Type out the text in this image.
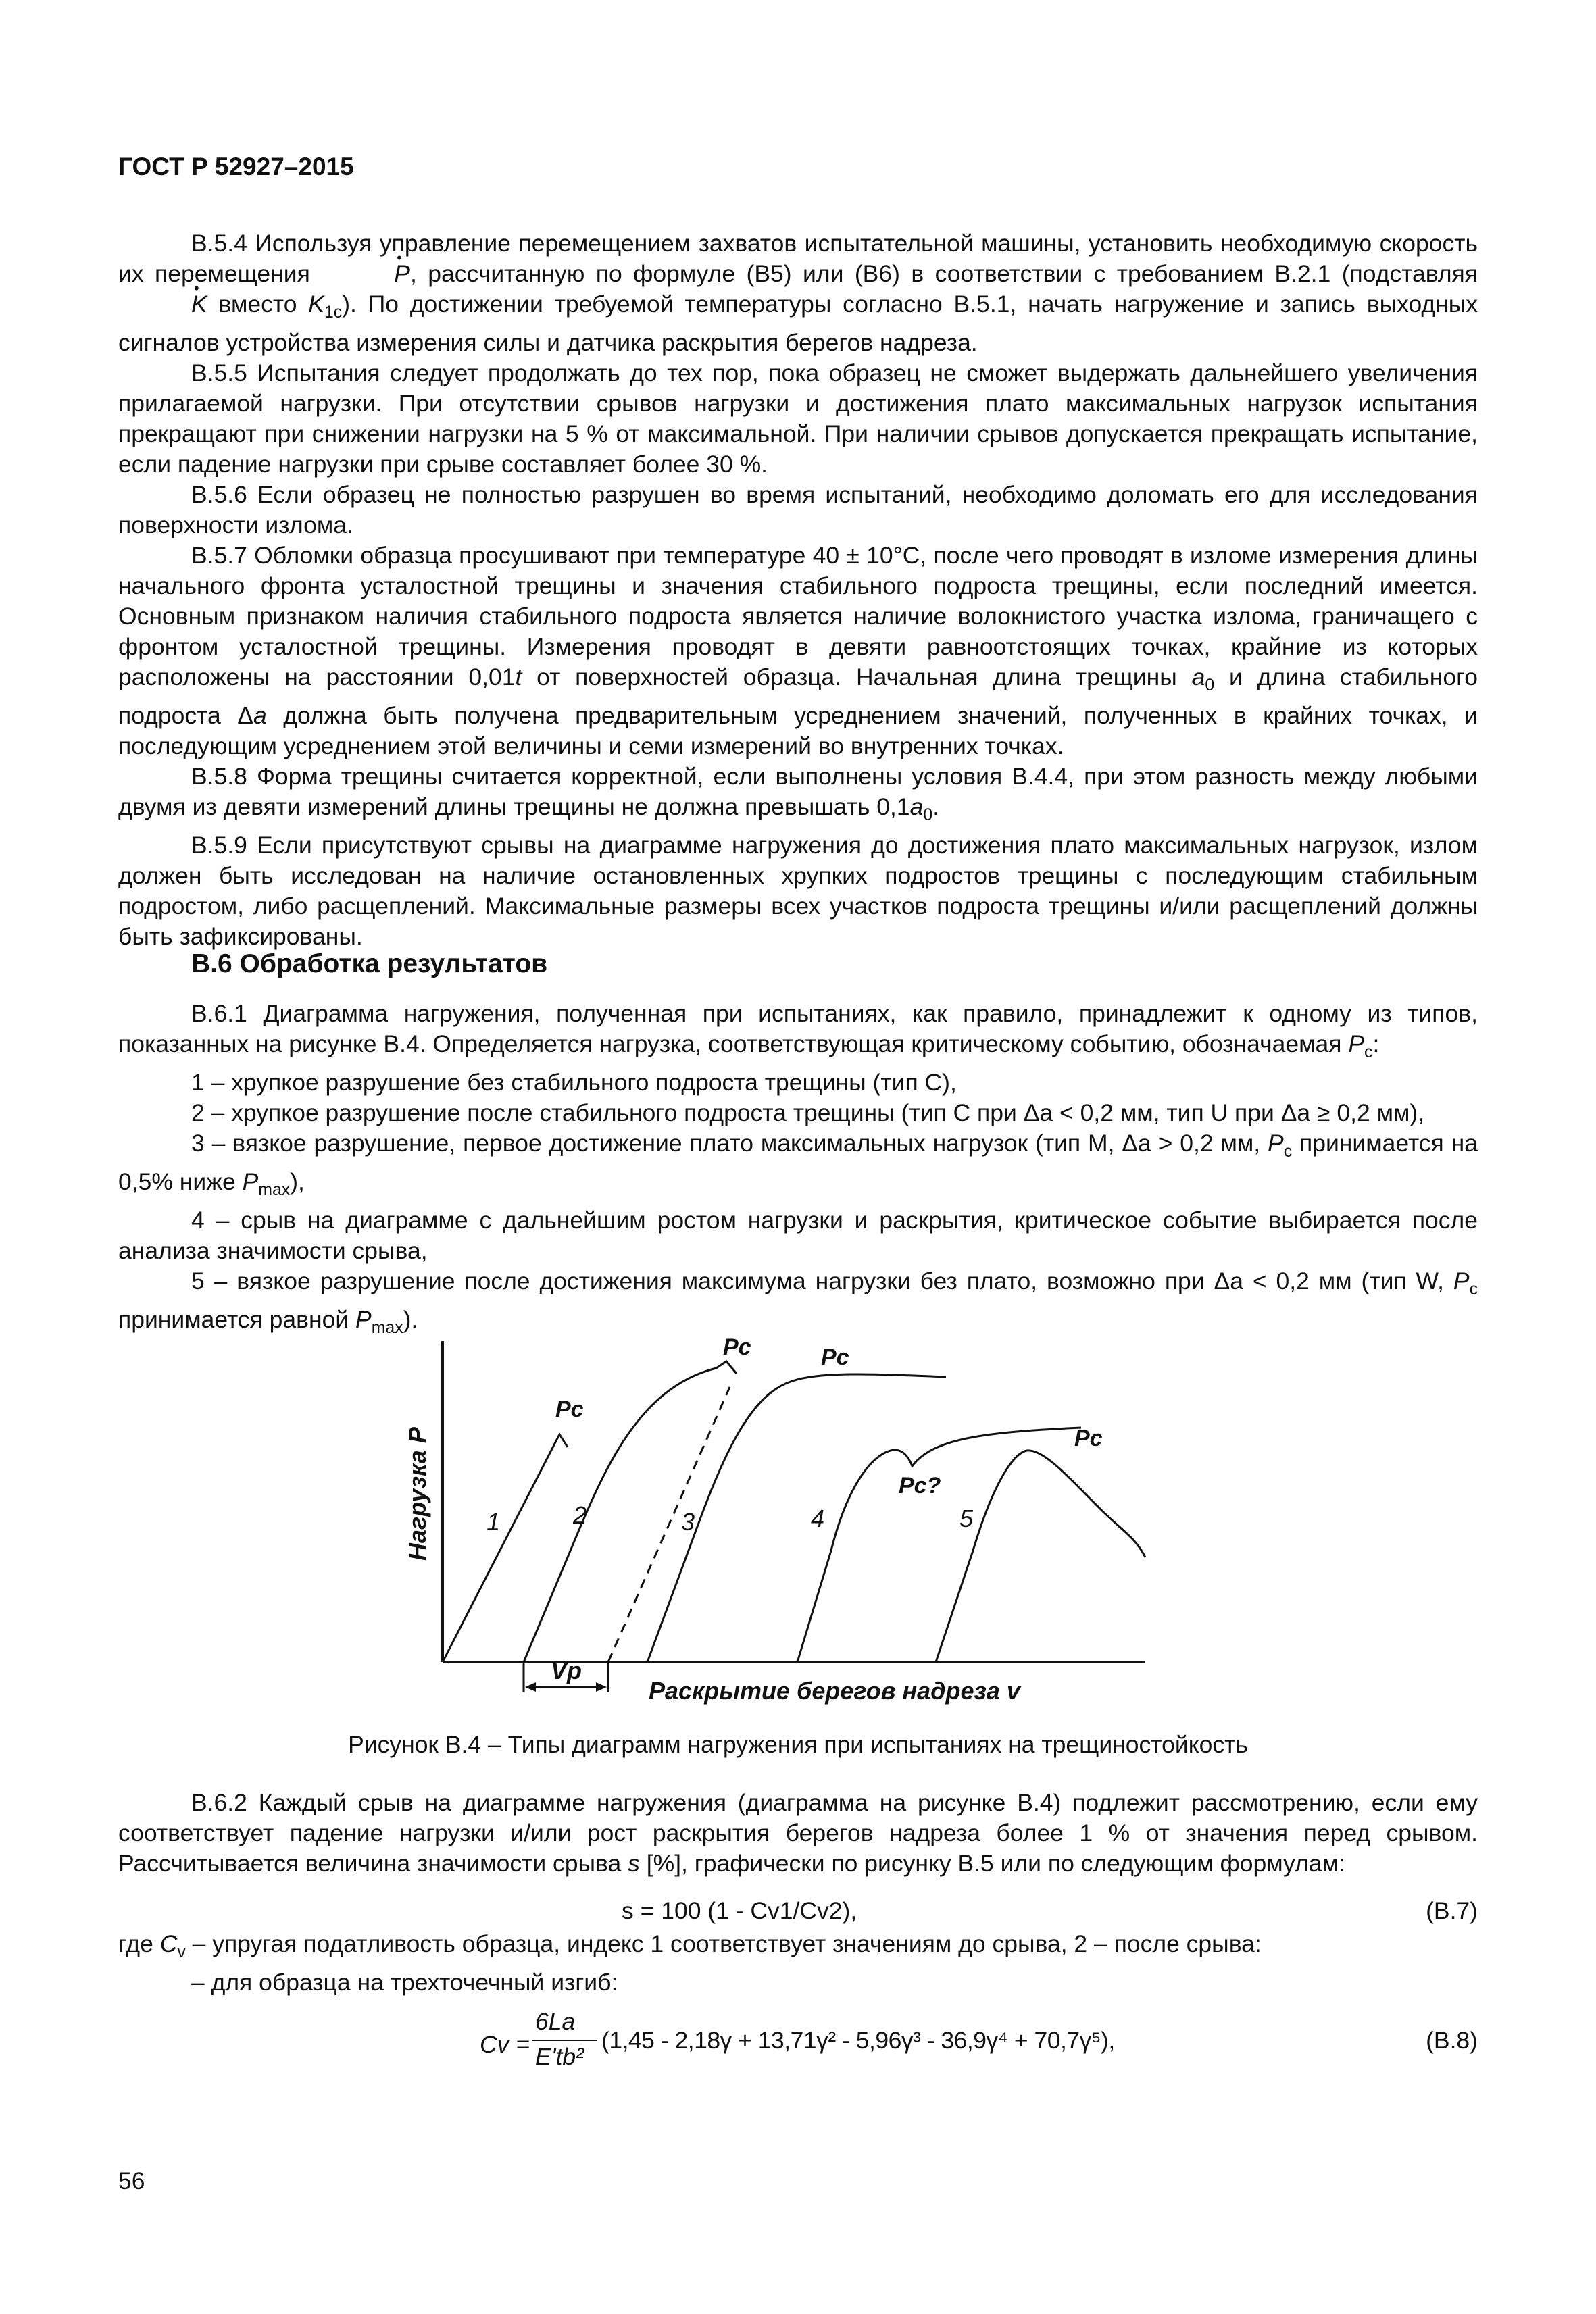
ГОСТ Р 52927–2015

В.5.4 Используя управление перемещением захватов испытательной машины, установить необходимую скорость их перемещения •	P, рассчитанную по формуле (В5) или (В6) в соответствии с требованием В.2.1 (подставляя • K вместо $K_{1c}$). По достижении требуемой температуры согласно В.5.1, начать нагружение и запись выходных сигналов устройства измерения силы и датчика раскрытия берегов надреза.

В.5.5 Испытания следует продолжать до тех пор, пока образец не сможет выдержать дальнейшего увеличения прилагаемой нагрузки. При отсутствии срывов нагрузки и достижения плато максимальных нагрузок испытания прекращают при снижении нагрузки на 5 % от максимальной. При наличии срывов допускается прекращать испытание, если падение нагрузки при срыве составляет более 30 %.

В.5.6 Если образец не полностью разрушен во время испытаний, необходимо доломать его для исследования поверхности излома.

В.5.7 Обломки образца просушивают при температуре 40 ± 10°С, после чего проводят в изломе измерения длины начального фронта усталостной трещины и значения стабильного подроста трещины, если последний имеется. Основным признаком наличия стабильного подроста является наличие волокнистого участка излома, граничащего с фронтом усталостной трещины. Измерения проводят в девяти равноотстоящих точках, крайние из которых расположены на расстоянии 0,01t от поверхностей образца. Начальная длина трещины $a_0$ и длина стабильного подроста Δa должна быть получена предварительным усреднением значений, полученных в крайних точках, и последующим усреднением этой величины и семи измерений во внутренних точках.

В.5.8 Форма трещины считается корректной, если выполнены условия В.4.4, при этом разность между любыми двумя из девяти измерений длины трещины не должна превышать $0,1a_0$.

В.5.9 Если присутствуют срывы на диаграмме нагружения до достижения плато максимальных нагрузок, излом должен быть исследован на наличие остановленных хрупких подростов трещины с последующим стабильным подростом, либо расщеплений. Максимальные размеры всех участков подроста трещины и/или расщеплений должны быть зафиксированы.

В.6 Обработка результатов

В.6.1 Диаграмма нагружения, полученная при испытаниях, как правило, принадлежит к одному из типов, показанных на рисунке В.4. Определяется нагрузка, соответствующая критическому событию, обозначаемая $P_c$:

1 – хрупкое разрушение без стабильного подроста трещины (тип С),

2 – хрупкое разрушение после стабильного подроста трещины (тип С при Δa < 0,2 мм, тип U при Δa ≥ 0,2 мм),

3 – вязкое разрушение, первое достижение плато максимальных нагрузок (тип М, Δa > 0,2 мм, $P_c$ принимается на 0,5% ниже $P_{max}$),

4 – срыв на диаграмме с дальнейшим ростом нагрузки и раскрытия, критическое событие выбирается после анализа значимости срыва,

5 – вязкое разрушение после достижения максимума нагрузки без плато, возможно при Δa < 0,2 мм (тип W, $P_c$ принимается равной $P_{max}$).

Нагрузка P
Vp
Раскрытие берегов надреза v
1	2	3	4	5
Pc
Pc	Pc
Pc?
Pc
Рисунок В.4 – Типы диаграмм нагружения при испытаниях на трещиностойкость

В.6.2 Каждый срыв на диаграмме нагружения (диаграмма на рисунке В.4) подлежит рассмотрению, если ему соответствует падение нагрузки и/или рост раскрытия берегов надреза более 1 % от значения перед срывом. Рассчитывается величина значимости срыва s [%], графически по рисунку В.5 или по следующим формулам:

s = 100 (1 - Cv1/Cv2),	(В.7)

где $C_v$ – упругая податливость образца, индекс 1 соответствует значениям до срыва, 2 – после срыва:

– для образца на трехточечный изгиб:

Cv =
6La
E'tb²
(1,45 - 2,18γ + 13,71γ² - 5,96γ³ - 36,9γ⁴ + 70,7γ⁵),	(В.8)
56
